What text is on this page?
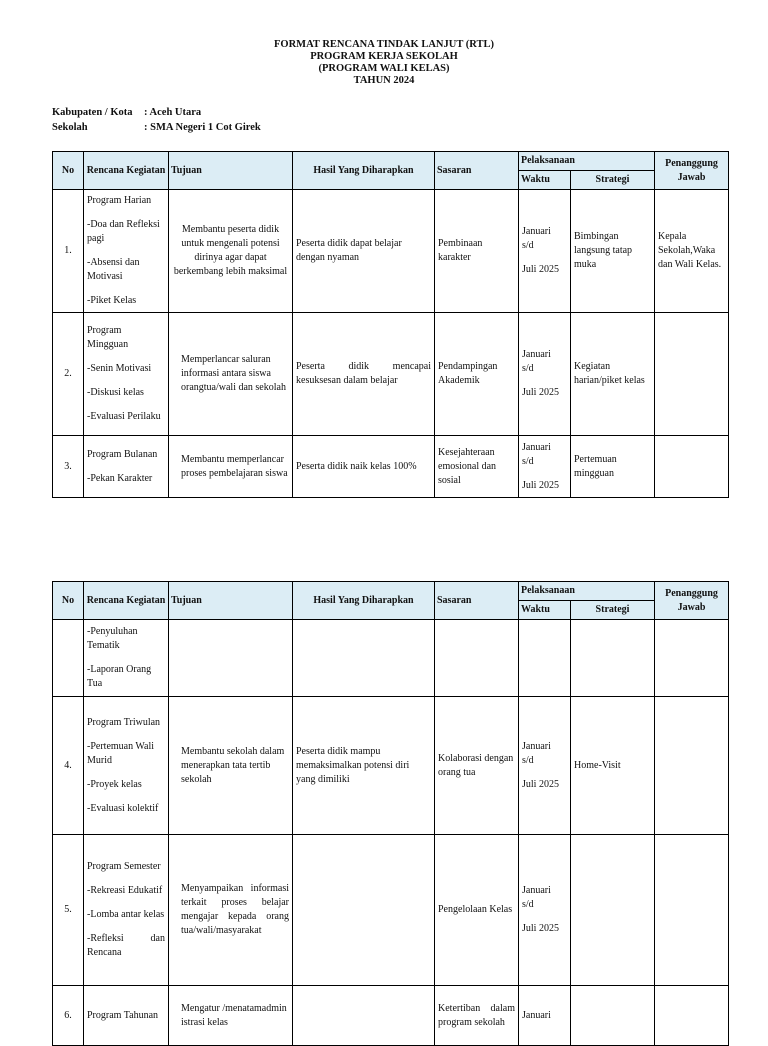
FORMAT RENCANA TINDAK LANJUT (RTL)
PROGRAM KERJA SEKOLAH
(PROGRAM WALI KELAS)
TAHUN 2024
Kabupaten / Kota : Aceh Utara
Sekolah	: SMA Negeri 1 Cot Girek
No	Rencana Kegiatan	Tujuan	Hasil Yang Diharapkan	Sasaran	Pelaksanaan		Penanggung Jawab
					Waktu	Strategi	
1.	Program Harian
-Doa dan Refleksi pagi
-Absensi dan Motivasi
-Piket Kelas	Membantu peserta didik untuk mengenali potensi dirinya agar dapat berkembang lebih maksimal	Peserta didik dapat belajar dengan nyaman	Pembinaan karakter	Januari
s/d
Juli 2025	Bimbingan langsung tatap muka	Kepala Sekolah,Waka dan Wali Kelas.
2.	Program Mingguan
-Senin Motivasi
-Diskusi kelas
-Evaluasi Perilaku	Memperlancar saluran informasi antara siswa orangtua/wali dan sekolah	Peserta didik mencapai kesuksesan dalam belajar	Pendampingan Akademik	Januari
s/d
Juli 2025	Kegiatan harian/piket kelas	
3.	Program Bulanan
-Pekan Karakter	Membantu memperlancar proses pembelajaran siswa	Peserta didik naik kelas 100%	Kesejahteraan emosional dan sosial	Januari
s/d
Juli 2025	Pertemuan mingguan	
No	Rencana Kegiatan	Tujuan	Hasil Yang Diharapkan	Sasaran	Pelaksanaan		Penanggung Jawab
					Waktu	Strategi	

	-Penyuluhan Tematik
-Laporan Orang Tua						

4.	Program Triwulan
-Pertemuan Wali Murid
-Proyek kelas
-Evaluasi kolektif	Membantu sekolah dalam menerapkan tata tertib sekolah	Peserta didik mampu memaksimalkan potensi diri yang dimiliki	Kolaborasi dengan orang tua	Januari
s/d
Juli 2025	Home-Visit	
5.	Program Semester
-Rekreasi Edukatif
-Lomba antar kelas
-Refleksi dan Rencana	Menyampaikan informasi terkait proses belajar mengajar kepada orang tua/wali/masyarakat		Pengelolaan Kelas	Januari
s/d
Juli 2025		

6.	Program Tahunan	Mengatur /menatamadministrasi kelas		Ketertiban dalam program sekolah	Januari		
